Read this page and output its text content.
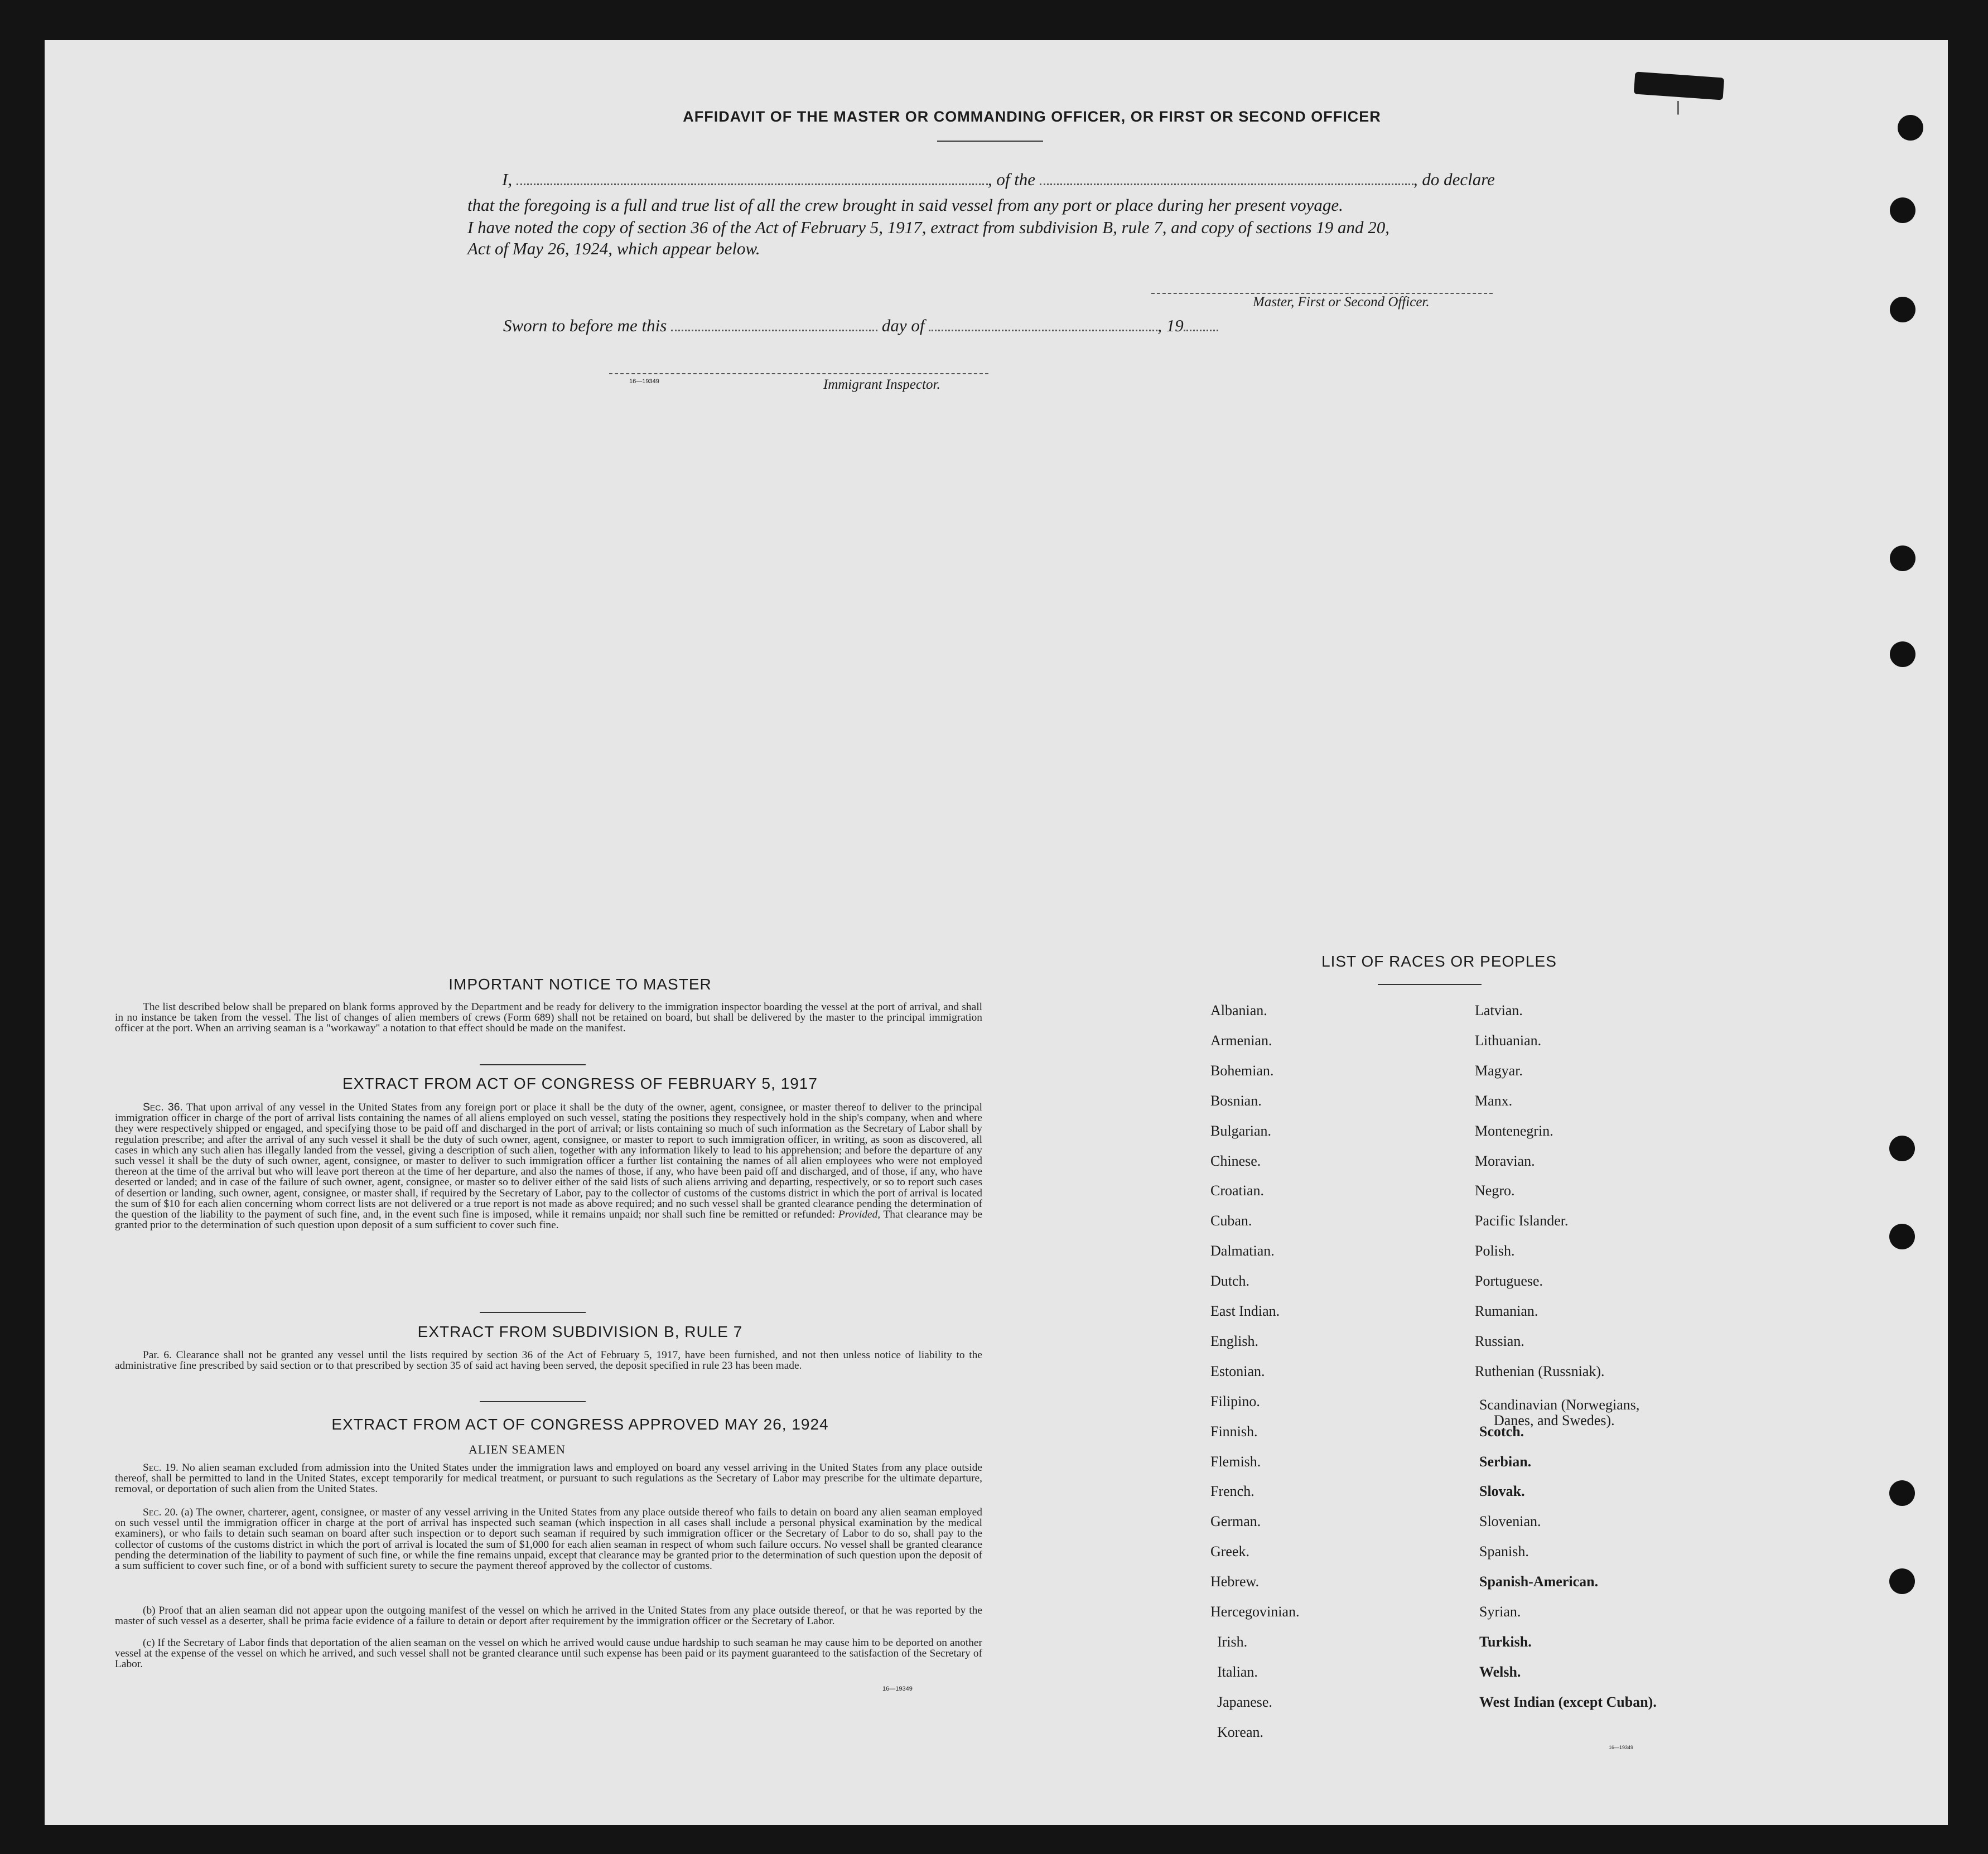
|
AFFIDAVIT OF THE MASTER OR COMMANDING OFFICER, OR FIRST OR SECOND OFFICER
I,	, of the	, do declare
that the foregoing is a full and true list of all the crew brought in said vessel from any port or place during her present voyage.
I have noted the copy of section 36 of the Act of February 5, 1917, extract from subdivision B, rule 7, and copy of sections 19 and 20,
Act of May 26, 1924, which appear below.
Master, First or Second Officer.
Sworn to before me this	day of	, 19
16—19349	Immigrant Inspector.
IMPORTANT NOTICE TO MASTER
The list described below shall be prepared on blank forms approved by the Department and be ready for delivery to the immigration inspector boarding the vessel at the port of arrival, and shall in no instance be taken from the vessel. The list of changes of alien members of crews (Form 689) shall not be retained on board, but shall be delivered by the master to the principal immigration officer at the port. When an arriving seaman is a "workaway" a notation to that effect should be made on the manifest.
EXTRACT FROM ACT OF CONGRESS OF FEBRUARY 5, 1917
Sec. 36. That upon arrival of any vessel in the United States from any foreign port or place it shall be the duty of the owner, agent, consignee, or master thereof to deliver to the principal immigration officer in charge of the port of arrival lists containing the names of all aliens employed on such vessel, stating the positions they respectively hold in the ship's company, when and where they were respectively shipped or engaged, and specifying those to be paid off and discharged in the port of arrival; or lists containing so much of such information as the Secretary of Labor shall by regulation prescribe; and after the arrival of any such vessel it shall be the duty of such owner, agent, consignee, or master to report to such immigration officer, in writing, as soon as discovered, all cases in which any such alien has illegally landed from the vessel, giving a description of such alien, together with any information likely to lead to his apprehension; and before the departure of any such vessel it shall be the duty of such owner, agent, consignee, or master to deliver to such immigration officer a further list containing the names of all alien employees who were not employed thereon at the time of the arrival but who will leave port thereon at the time of her departure, and also the names of those, if any, who have been paid off and discharged, and of those, if any, who have deserted or landed; and in case of the failure of such owner, agent, consignee, or master so to deliver either of the said lists of such aliens arriving and departing, respectively, or so to report such cases of desertion or landing, such owner, agent, consignee, or master shall, if required by the Secretary of Labor, pay to the collector of customs of the customs district in which the port of arrival is located the sum of $10 for each alien concerning whom correct lists are not delivered or a true report is not made as above required; and no such vessel shall be granted clearance pending the determination of the question of the liability to the payment of such fine, and, in the event such fine is imposed, while it remains unpaid; nor shall such fine be remitted or refunded: Provided, That clearance may be granted prior to the determination of such question upon deposit of a sum sufficient to cover such fine.
EXTRACT FROM SUBDIVISION B, RULE 7
Par. 6. Clearance shall not be granted any vessel until the lists required by section 36 of the Act of February 5, 1917, have been furnished, and not then unless notice of liability to the administrative fine prescribed by said section or to that prescribed by section 35 of said act having been served, the deposit specified in rule 23 has been made.
EXTRACT FROM ACT OF CONGRESS APPROVED MAY 26, 1924
ALIEN SEAMEN
Sec. 19. No alien seaman excluded from admission into the United States under the immigration laws and employed on board any vessel arriving in the United States from any place outside thereof, shall be permitted to land in the United States, except temporarily for medical treatment, or pursuant to such regulations as the Secretary of Labor may prescribe for the ultimate departure, removal, or deportation of such alien from the United States.
Sec. 20. (a) The owner, charterer, agent, consignee, or master of any vessel arriving in the United States from any place outside thereof who fails to detain on board any alien seaman employed on such vessel until the immigration officer in charge at the port of arrival has inspected such seaman (which inspection in all cases shall include a personal physical examination by the medical examiners), or who fails to detain such seaman on board after such inspection or to deport such seaman if required by such immigration officer or the Secretary of Labor to do so, shall pay to the collector of customs of the customs district in which the port of arrival is located the sum of $1,000 for each alien seaman in respect of whom such failure occurs. No vessel shall be granted clearance pending the determination of the liability to payment of such fine, or while the fine remains unpaid, except that clearance may be granted prior to the determination of such question upon the deposit of a sum sufficient to cover such fine, or of a bond with sufficient surety to secure the payment thereof approved by the collector of customs.
(b) Proof that an alien seaman did not appear upon the outgoing manifest of the vessel on which he arrived in the United States from any place outside thereof, or that he was reported by the master of such vessel as a deserter, shall be prima facie evidence of a failure to detain or deport after requirement by the immigration officer or the Secretary of Labor.
(c) If the Secretary of Labor finds that deportation of the alien seaman on the vessel on which he arrived would cause undue hardship to such seaman he may cause him to be deported on another vessel at the expense of the vessel on which he arrived, and such vessel shall not be granted clearance until such expense has been paid or its payment guaranteed to the satisfaction of the Secretary of Labor.
16—19349
LIST OF RACES OR PEOPLES
16—19349
Albanian.
Armenian.
Bohemian.
Bosnian.
Bulgarian.
Chinese.
Croatian.
Cuban.
Dalmatian.
Dutch.
East Indian.
English.
Estonian.
Filipino.
Finnish.
Flemish.
French.
German.
Greek.
Hebrew.
Hercegovinian.
Irish.
Italian.
Japanese.
Korean.
Latvian.
Lithuanian.
Magyar.
Manx.
Montenegrin.
Moravian.
Negro.
Pacific Islander.
Polish.
Portuguese.
Rumanian.
Russian.
Ruthenian (Russniak).
Scandinavian (Norwegians,
Danes, and Swedes).
Scotch.
Serbian.
Slovak.
Slovenian.
Spanish.
Spanish-American.
Syrian.
Turkish.
Welsh.
West Indian (except Cuban).
